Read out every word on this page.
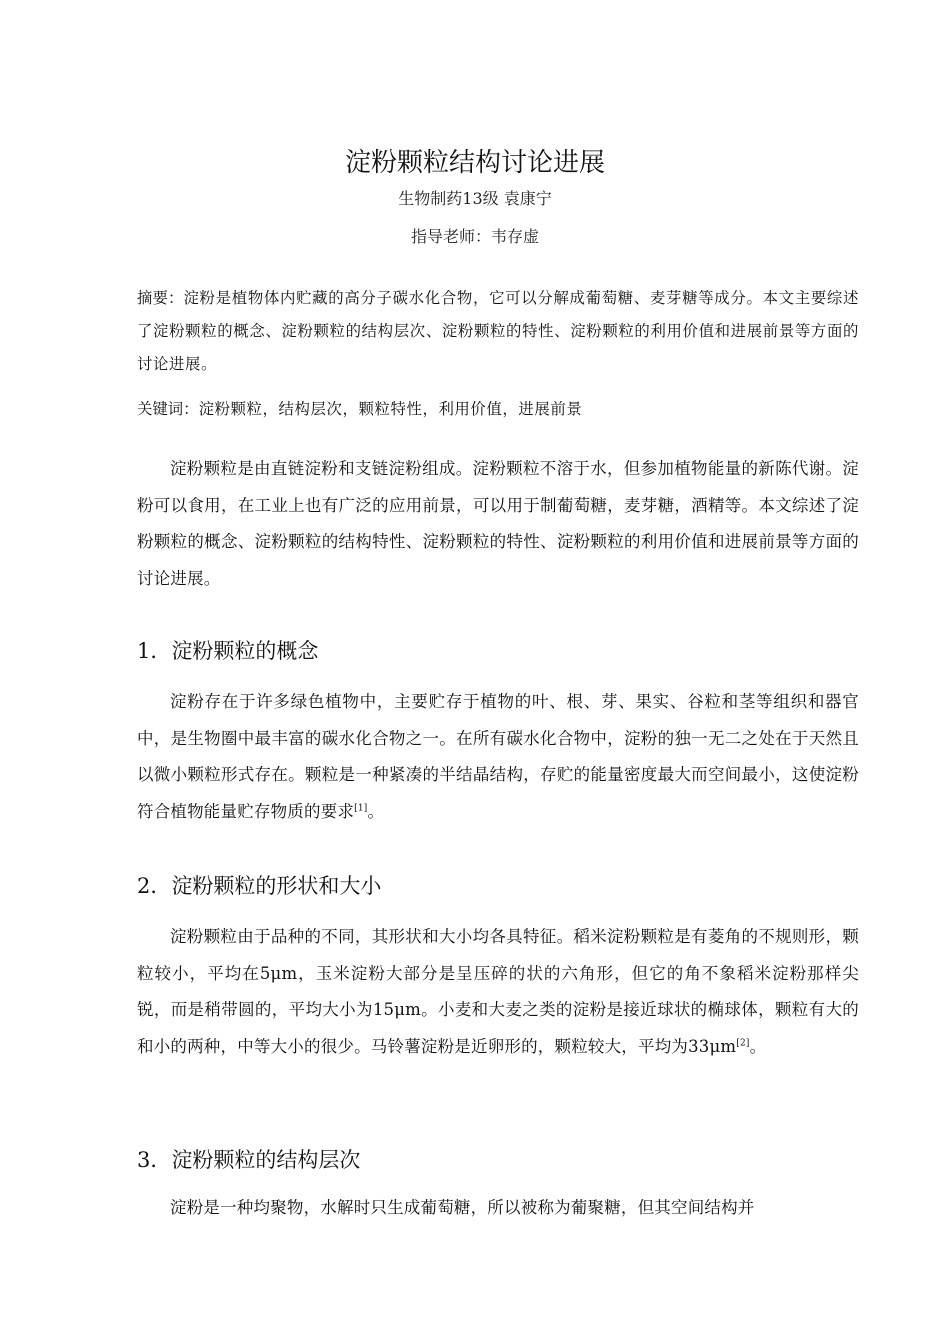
淀粉颗粒结构讨论进展
生物制药13级 袁康宁
指导老师：韦存虚
摘要：淀粉是植物体内贮藏的高分子碳水化合物，它可以分解成葡萄糖、麦芽糖等成分。本文主要综述了淀粉颗粒的概念、淀粉颗粒的结构层次、淀粉颗粒的特性、淀粉颗粒的利用价值和进展前景等方面的讨论进展。
关键词：淀粉颗粒，结构层次，颗粒特性，利用价值，进展前景

淀粉颗粒是由直链淀粉和支链淀粉组成。淀粉颗粒不溶于水，但参加植物能量的新陈代谢。淀粉可以食用，在工业上也有广泛的应用前景，可以用于制葡萄糖，麦芽糖，酒精等。本文综述了淀粉颗粒的概念、淀粉颗粒的结构特性、淀粉颗粒的特性、淀粉颗粒的利用价值和进展前景等方面的讨论进展。

1．淀粉颗粒的概念

淀粉存在于许多绿色植物中，主要贮存于植物的叶、根、芽、果实、谷粒和茎等组织和器官中，是生物圈中最丰富的碳水化合物之一。在所有碳水化合物中，淀粉的独一无二之处在于天然且以微小颗粒形式存在。颗粒是一种紧凑的半结晶结构，存贮的能量密度最大而空间最小，这使淀粉符合植物能量贮存物质的要求[1]。

2．淀粉颗粒的形状和大小

淀粉颗粒由于品种的不同，其形状和大小均各具特征。稻米淀粉颗粒是有菱角的不规则形，颗粒较小，平均在5μm，玉米淀粉大部分是呈压碎的状的六角形，但它的角不象稻米淀粉那样尖锐，而是稍带圆的，平均大小为15μm。小麦和大麦之类的淀粉是接近球状的椭球体，颗粒有大的和小的两种，中等大小的很少。马铃薯淀粉是近卵形的，颗粒较大，平均为33μm[2]。

3．淀粉颗粒的结构层次

淀粉是一种均聚物，水解时只生成葡萄糖，所以被称为葡聚糖，但其空间结构并
